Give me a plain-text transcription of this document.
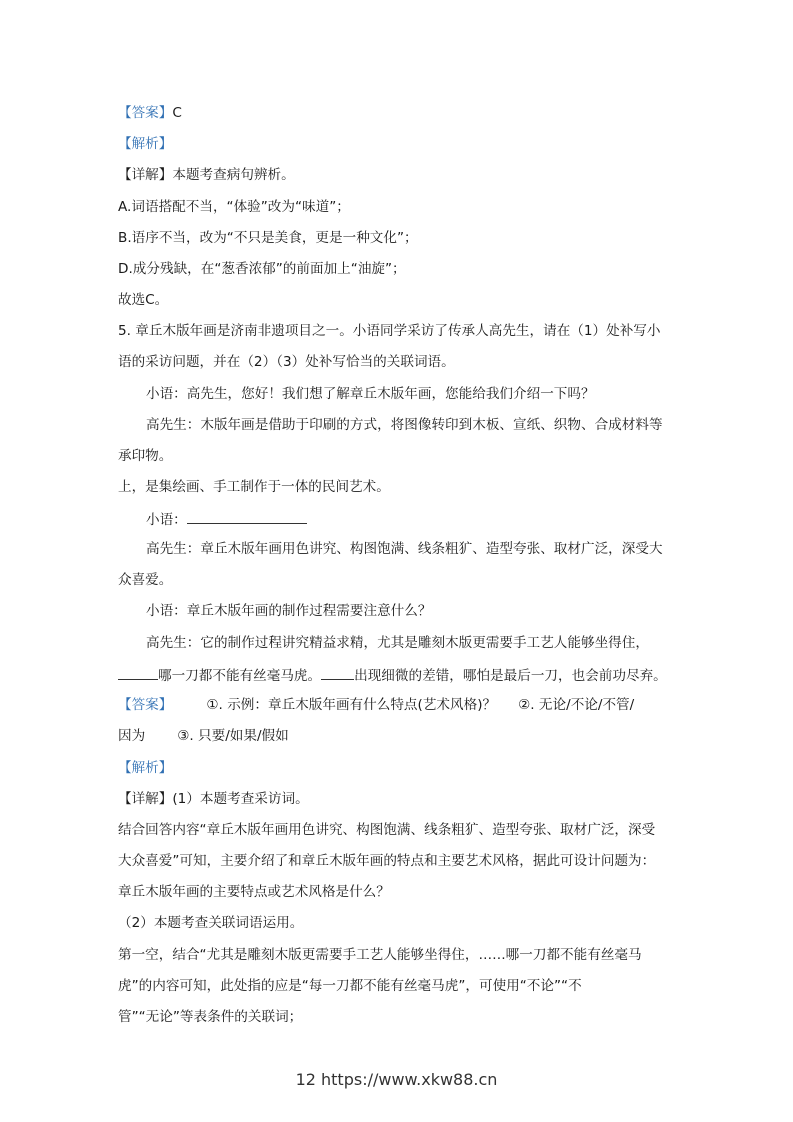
【答案】C
【解析】
【详解】本题考查病句辨析。
A.词语搭配不当，“体验”改为“味道”；
B.语序不当，改为“不只是美食，更是一种文化”；
D.成分残缺，在“葱香浓郁”的前面加上“油旋”；
故选C。
5. 章丘木版年画是济南非遗项目之一。小语同学采访了传承人高先生，请在（1）处补写小
语的采访问题，并在（2）（3）处补写恰当的关联词语。
小语：高先生，您好！我们想了解章丘木版年画，您能给我们介绍一下吗？
高先生：木版年画是借助于印刷的方式，将图像转印到木板、宣纸、织物、合成材料等
承印物。
上，是集绘画、手工制作于一体的民间艺术。
小语：
高先生：章丘木版年画用色讲究、构图饱满、线条粗犷、造型夸张、取材广泛，深受大
众喜爱。
小语：章丘木版年画的制作过程需要注意什么？
高先生：它的制作过程讲究精益求精，尤其是雕刻木版更需要手工艺人能够坐得住，
哪一刀都不能有丝毫马虎。 出现细微的差错，哪怕是最后一刀，也会前功尽弃。
【答案】	①. 示例：章丘木版年画有什么特点(艺术风格)？ ②. 无论/不论/不管/
因为 ③. 只要/如果/假如
【解析】
【详解】(1）本题考查采访词。
结合回答内容“章丘木版年画用色讲究、构图饱满、线条粗犷、造型夸张、取材广泛，深受
大众喜爱”可知，主要介绍了和章丘木版年画的特点和主要艺术风格，据此可设计问题为：
章丘木版年画的主要特点或艺术风格是什么？
（2）本题考查关联词语运用。
第一空，结合“尤其是雕刻木版更需要手工艺人能够坐得住，……哪一刀都不能有丝毫马
虎”的内容可知，此处指的应是“每一刀都不能有丝毫马虎”，可使用“不论”“不
管”“无论”等表条件的关联词；
12 https://www.xkw88.cn
